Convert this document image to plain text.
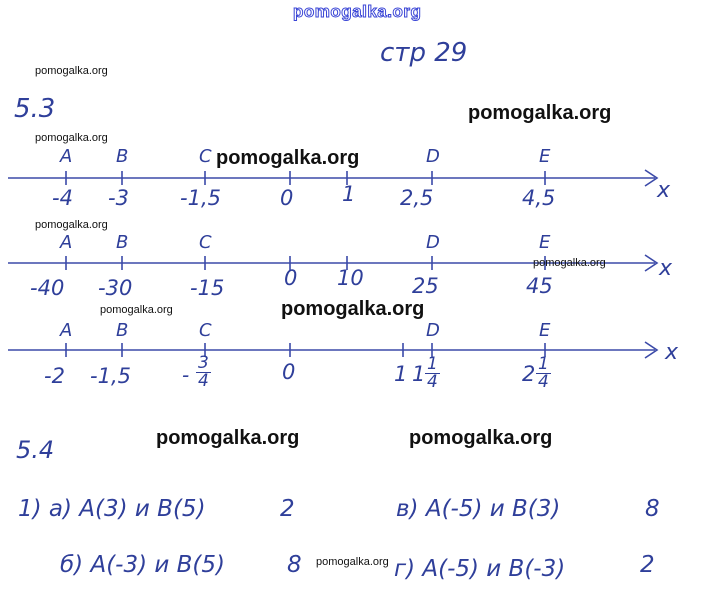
pomogalka.org
стр 29
pomogalka.org
pomogalka.org
pomogalka.org
pomogalka.org
pomogalka.org
pomogalka.org
pomogalka.org
pomogalka.org
pomogalka.org
pomogalka.org	pomogalka.org
5.3
A B	C	D	E
x
-4 -3 -1,5	0 1 2,5	4,5
A B	C	D	E
x
-40 -30	-15	0 10 25	45
A B	C	D	E
x
-2 -1,5	- $\frac{3}{4}$	0	1 $1 \frac{1}{4}$	$2 \frac{1}{4}$
5.4
1) а) A(3) и B(5)	2	в) A(-5) и B(3)	8
б) A(-3) и B(5)	8	г) A(-5) и B(-3)	2
